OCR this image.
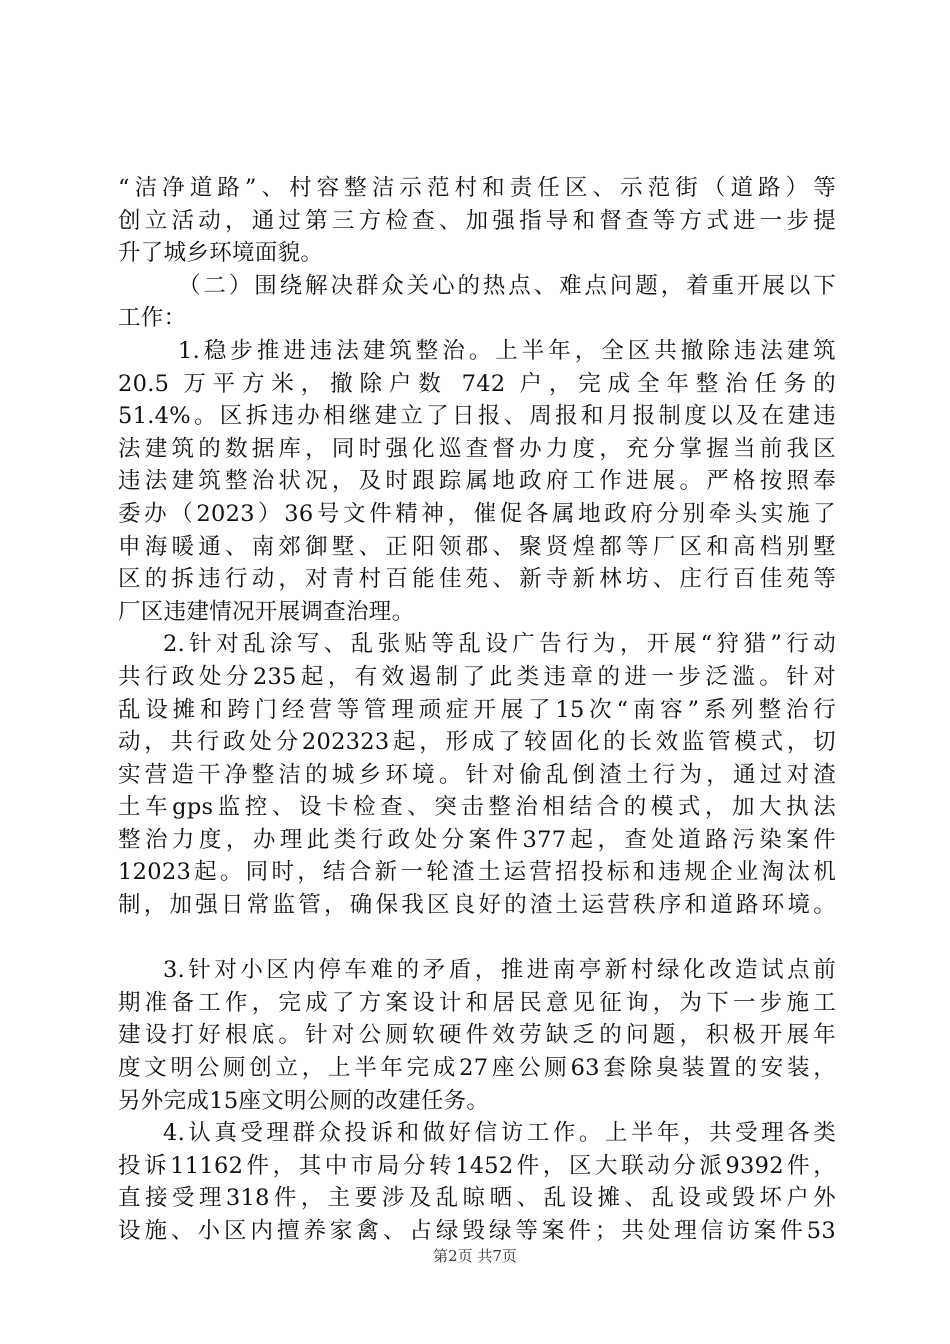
“洁净道路”、村容整洁示范村和责任区、示范街（道路）等
创立活动，通过第三方检查、加强指导和督查等方式进一步提
升了城乡环境面貌。
（二）围绕解决群众关心的热点、难点问题，着重开展以下
工作：
1.稳步推进违法建筑整治。上半年，全区共撤除违法建筑
20.5 万平方米，撤除户数 742 户，完成全年整治任务的
51.4%。区拆违办相继建立了日报、周报和月报制度以及在建违
法建筑的数据库，同时强化巡查督办力度，充分掌握当前我区
违法建筑整治状况，及时跟踪属地政府工作进展。严格按照奉
委办（2023）36号文件精神，催促各属地政府分别牵头实施了
申海暖通、南郊御墅、正阳领郡、聚贤煌都等厂区和高档别墅
区的拆违行动，对青村百能佳苑、新寺新林坊、庄行百佳苑等
厂区违建情况开展调查治理。
2.针对乱涂写、乱张贴等乱设广告行为，开展“狩猎”行动
共行政处分235起，有效遏制了此类违章的进一步泛滥。针对
乱设摊和跨门经营等管理顽症开展了15次“南容”系列整治行
动，共行政处分202323起，形成了较固化的长效监管模式，切
实营造干净整洁的城乡环境。针对偷乱倒渣土行为，通过对渣
土车gps监控、设卡检查、突击整治相结合的模式，加大执法
整治力度，办理此类行政处分案件377起，查处道路污染案件
12023起。同时，结合新一轮渣土运营招投标和违规企业淘汰机
制，加强日常监管，确保我区良好的渣土运营秩序和道路环境。
3.针对小区内停车难的矛盾，推进南亭新村绿化改造试点前
期准备工作，完成了方案设计和居民意见征询，为下一步施工
建设打好根底。针对公厕软硬件效劳缺乏的问题，积极开展年
度文明公厕创立，上半年完成27座公厕63套除臭装置的安装，
另外完成15座文明公厕的改建任务。
4.认真受理群众投诉和做好信访工作。上半年，共受理各类
投诉11162件，其中市局分转1452件，区大联动分派9392件，
直接受理318件，主要涉及乱晾晒、乱设摊、乱设或毁坏户外
设施、小区内擅养家禽、占绿毁绿等案件；共处理信访案件53
第2页 共7页
